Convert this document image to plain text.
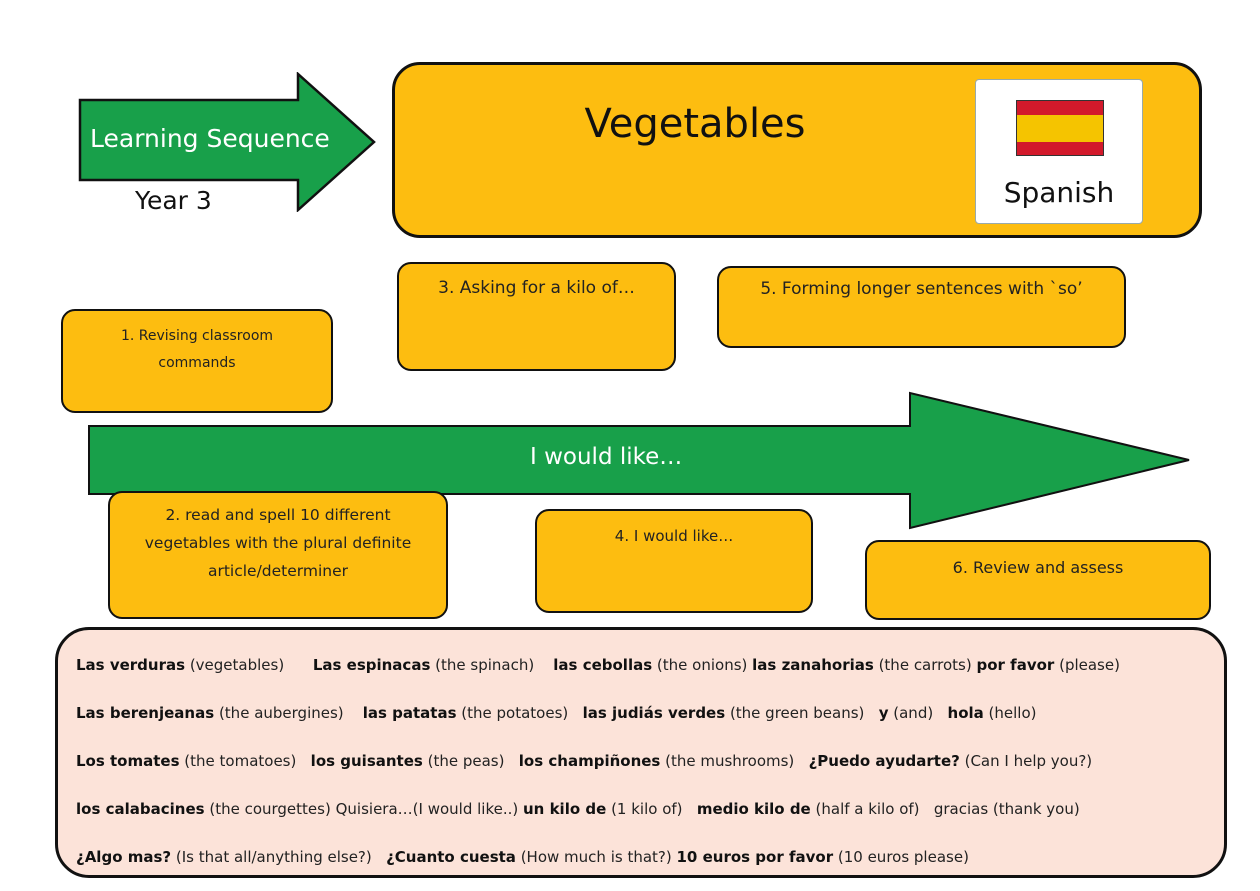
Learning Sequence
Year 3
Vegetables
Spanish
I would like…
1. Revising classroom commands
2. read and spell 10 different vegetables with the plural definite article/determiner
3. Asking for a kilo of…
4. I would like…
5. Forming longer sentences with `so’
6. Review and assess
Las verduras (vegetables) Las espinacas (the spinach) las cebollas (the onions) las zanahorias (the carrots) por favor (please)
Las berenjeanas (the aubergines) las patatas (the potatoes) las judiás verdes (the green beans) y (and) hola (hello)
Los tomates (the tomatoes) los guisantes (the peas) los champiñones (the mushrooms) ¿Puedo ayudarte? (Can I help you?)
los calabacines (the courgettes) Quisiera…(I would like..) un kilo de (1 kilo of) medio kilo de (half a kilo of) gracias (thank you)
¿Algo mas? (Is that all/anything else?) ¿Cuanto cuesta (How much is that?) 10 euros por favor (10 euros please)
